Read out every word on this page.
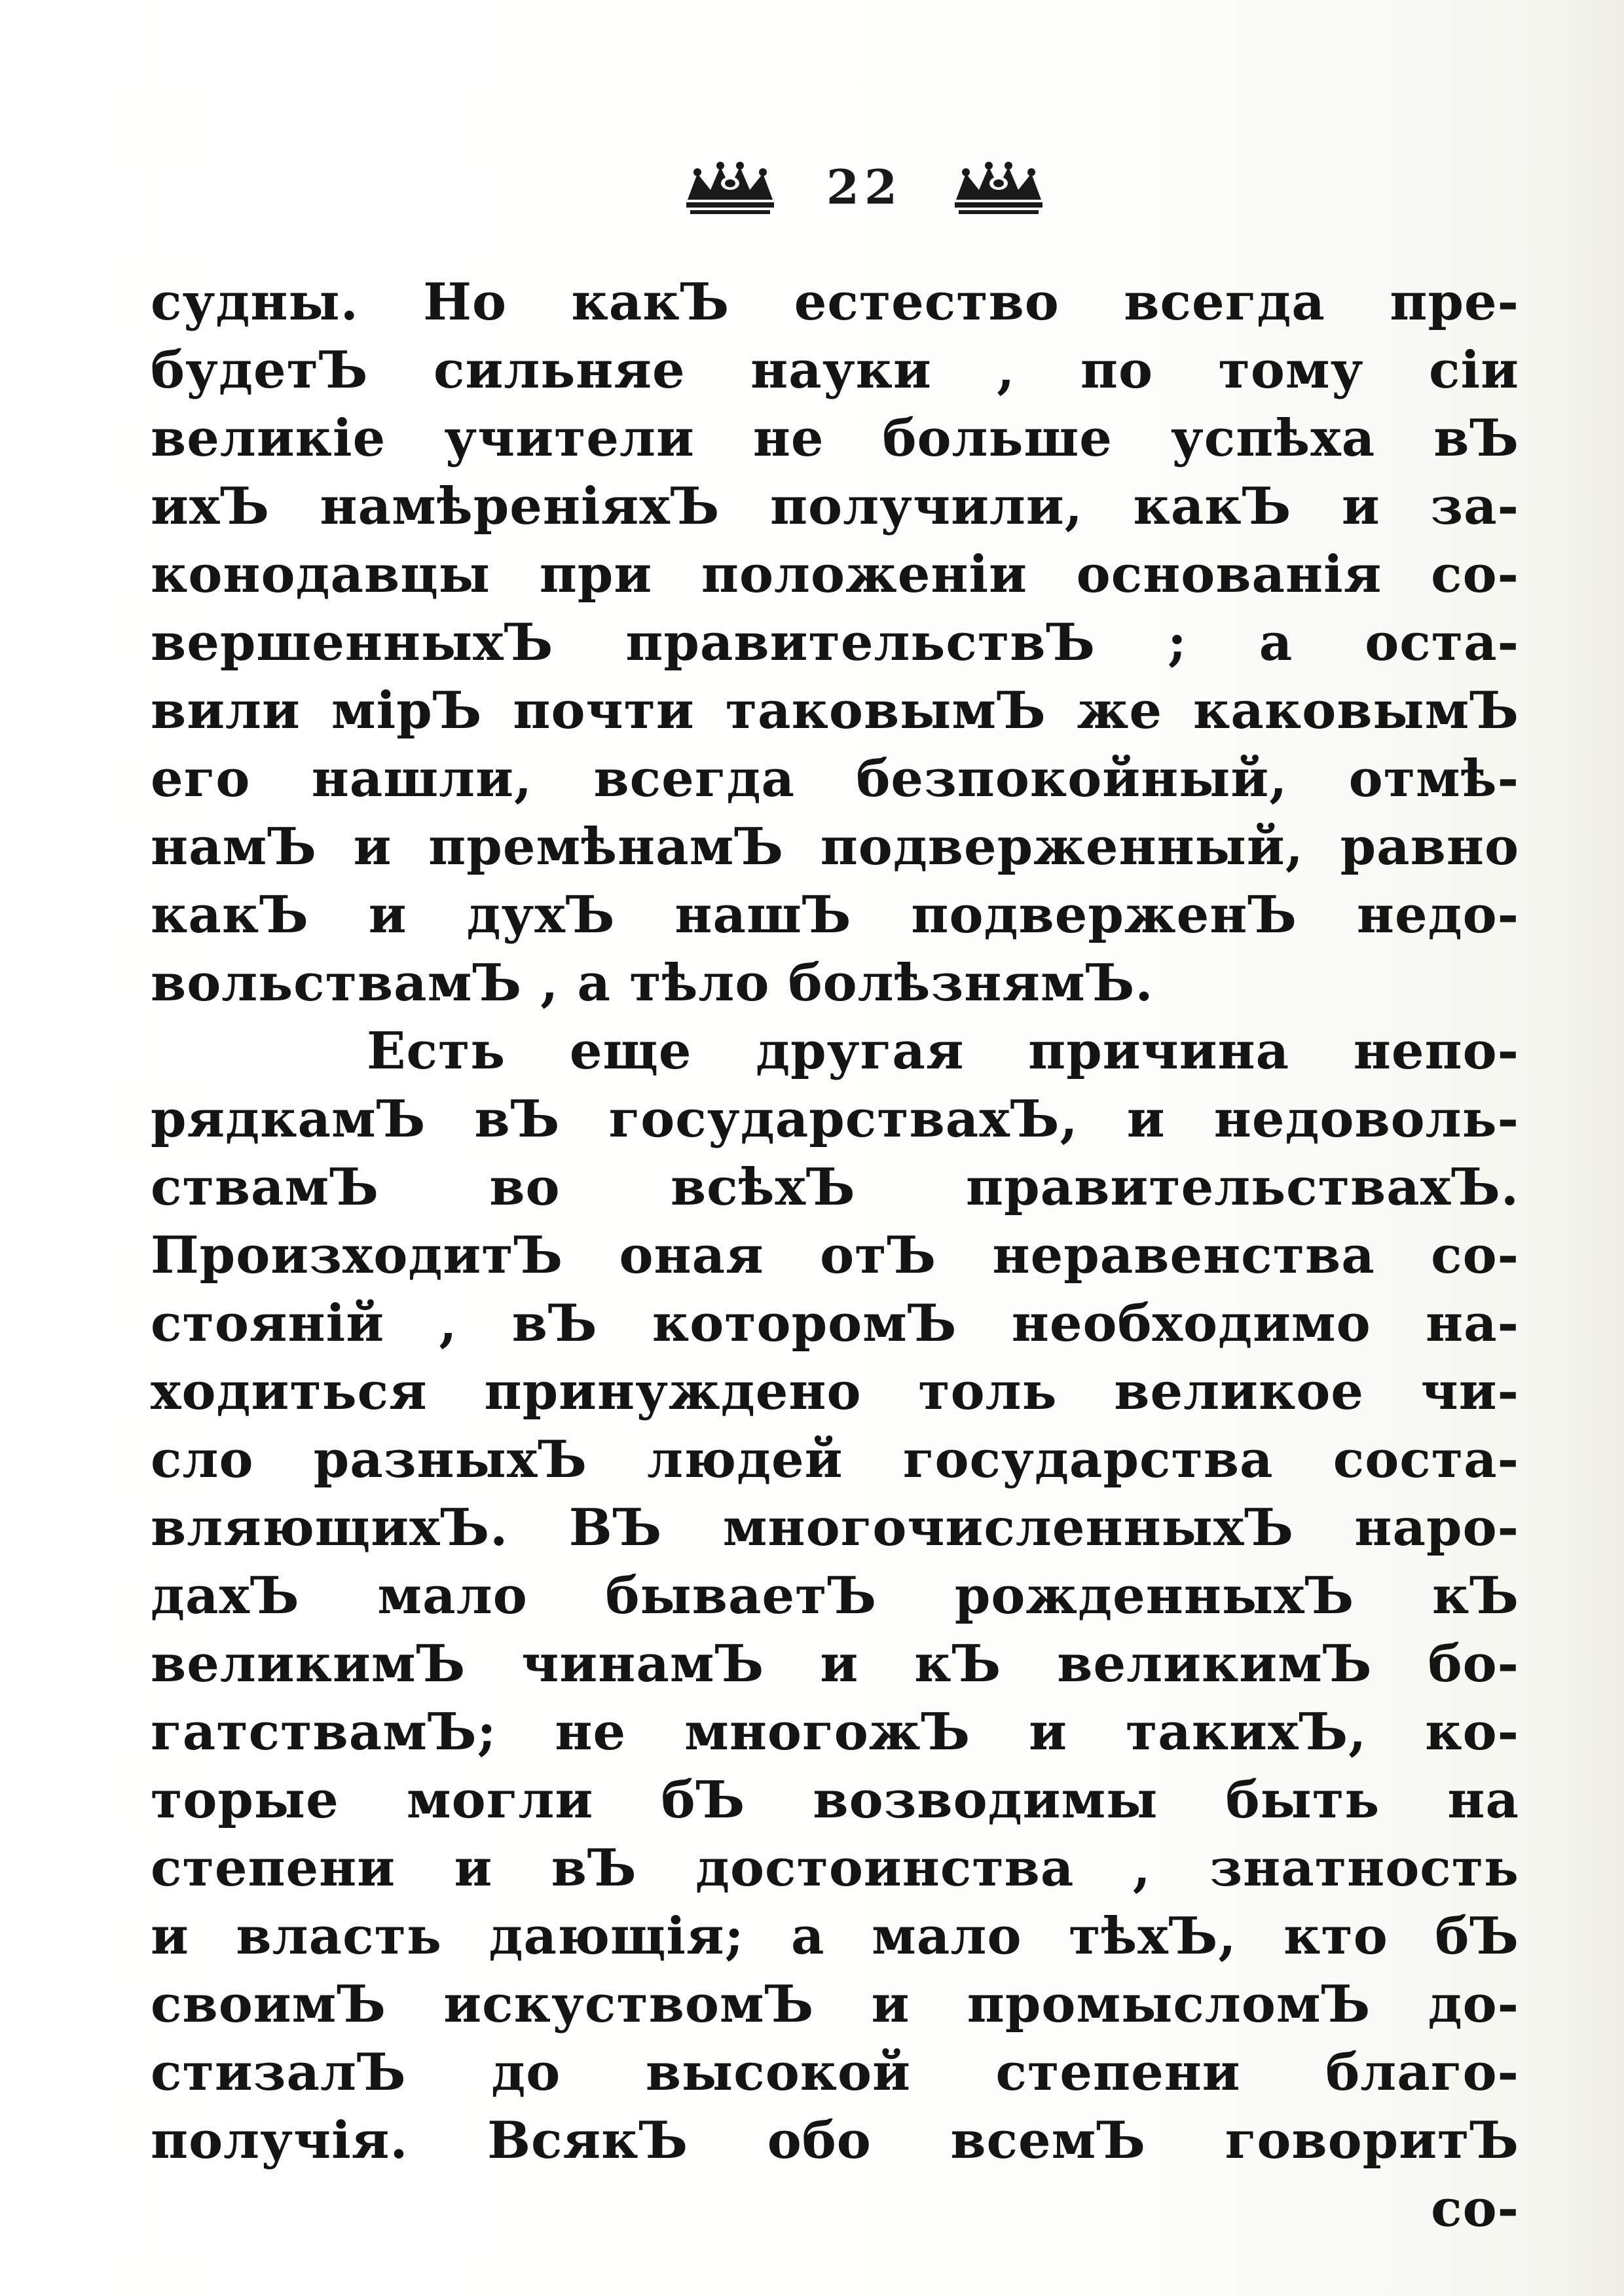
22
судны. Но какЪ естество всегда пре-
будетЪ сильняе науки , по тому сіи
великіе учители не больше успѣха вЪ
ихЪ намѣреніяхЪ получили, какЪ и за-
конодавцы при положеніи основанія со-
вершенныхЪ правительствЪ ; а оста-
вили мірЪ почти таковымЪ же каковымЪ
его нашли, всегда безпокойный, отмѣ-
намЪ и премѣнамЪ подверженный, равно
какЪ и духЪ нашЪ подверженЪ недо-
вольствамЪ , а тѣло болѣзнямЪ.
Есть еще другая причина непо-
рядкамЪ вЪ государствахЪ, и недоволь-
ствамЪ во всѣхЪ правительствахЪ.
ПроизходитЪ оная отЪ неравенства со-
стояній , вЪ которомЪ необходимо на-
ходиться принуждено толь великое чи-
сло разныхЪ людей государства соста-
вляющихЪ. ВЪ многочисленныхЪ наро-
дахЪ мало бываетЪ рожденныхЪ кЪ
великимЪ чинамЪ и кЪ великимЪ бо-
гатствамЪ; не многожЪ и такихЪ, ко-
торые могли бЪ возводимы быть на
степени и вЪ достоинства , знатность
и власть дающія; а мало тѣхЪ, кто бЪ
своимЪ искуствомЪ и промысломЪ до-
стизалЪ до высокой степени благо-
получія. ВсякЪ обо всемЪ говоритЪ
со-
